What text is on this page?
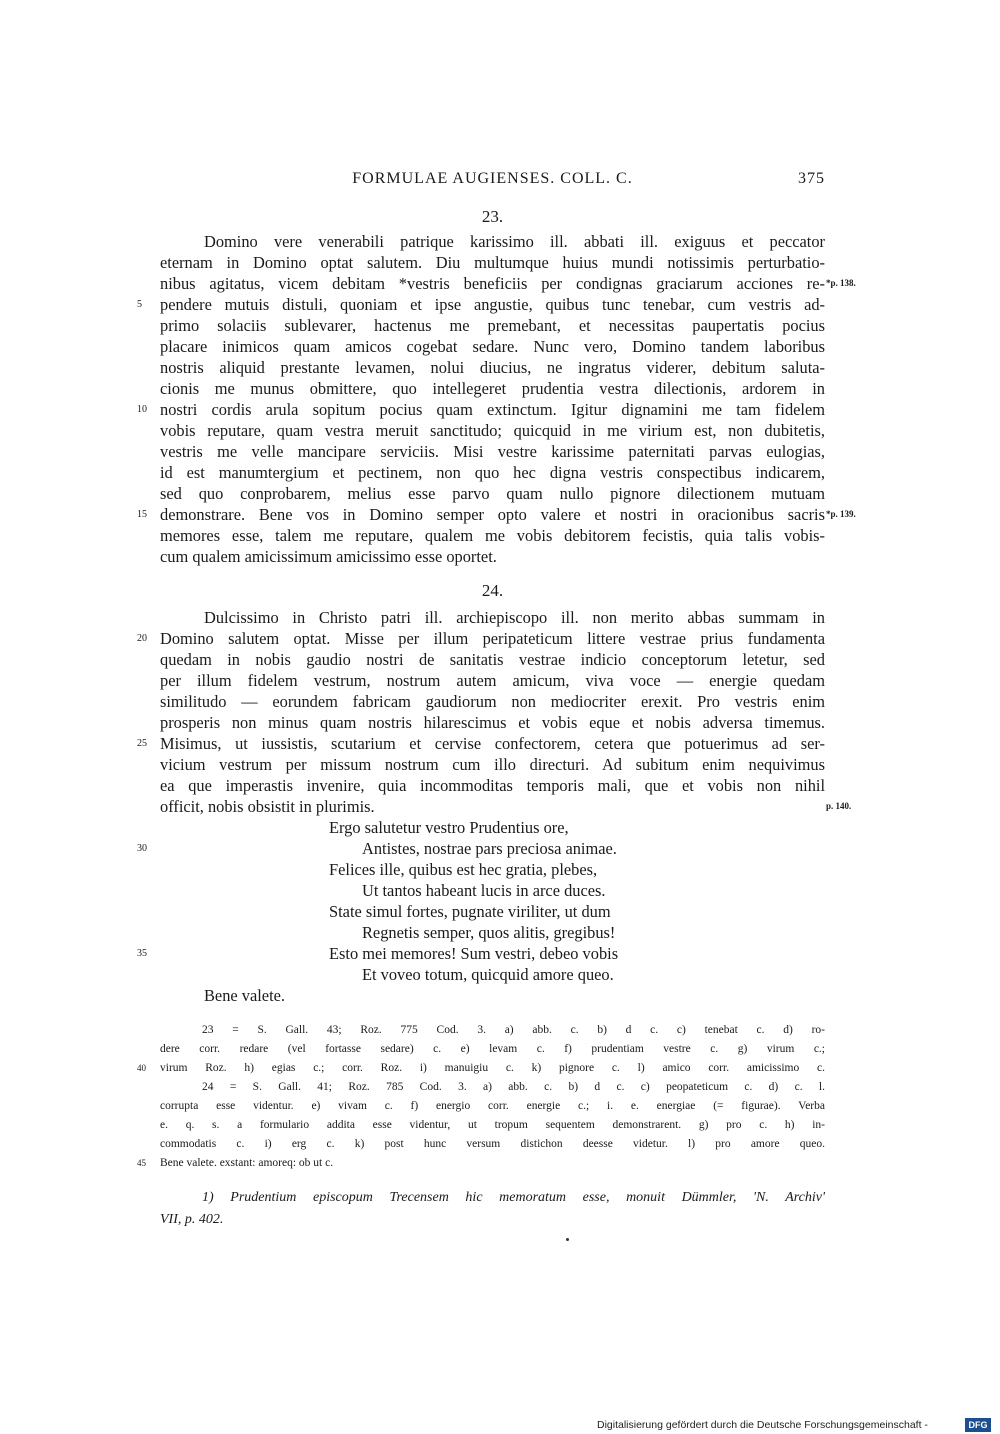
FORMULAE AUGIENSES. COLL. C.	375
23.
Domino vere venerabili patrique karissimo ill. abbati ill. exiguus et peccator
eternam in Domino optat salutem. Diu multumque huius mundi notissimis perturbatio-
nibus agitatus, vicem debitam *vestris beneficiis per condignas graciarum acciones re-
pendere mutuis distuli, quoniam et ipse angustie, quibus tunc tenebar, cum vestris ad-
primo solaciis sublevarer, hactenus me premebant, et necessitas paupertatis pocius
placare inimicos quam amicos cogebat sedare. Nunc vero, Domino tandem laboribus
nostris aliquid prestante levamen, nolui diucius, ne ingratus viderer, debitum saluta-
cionis me munus obmittere, quo intellegeret prudentia vestra dilectionis, ardorem in
nostri cordis arula sopitum pocius quam extinctum. Igitur dignamini me tam fidelem
vobis reputare, quam vestra meruit sanctitudo; quicquid in me virium est, non dubitetis,
vestris me velle mancipare serviciis. Misi vestre karissime paternitati parvas eulogias,
id est manumtergium et pectinem, non quo hec digna vestris conspectibus indicarem,
sed quo conprobarem, melius esse parvo quam nullo pignore dilectionem mutuam
demonstrare. Bene vos in Domino semper opto valere et nostri in oracionibus sacris
memores esse, talem me reputare, qualem me vobis debitorem fecistis, quia talis vobis-
cum qualem amicissimum amicissimo esse oportet.
5
10
15
*p. 138.
*p. 139.
24.
Dulcissimo in Christo patri ill. archiepiscopo ill. non merito abbas summam in
Domino salutem optat. Misse per illum peripateticum littere vestrae prius fundamenta
quedam in nobis gaudio nostri de sanitatis vestrae indicio conceptorum letetur, sed
per illum fidelem vestrum, nostrum autem amicum, viva voce — energie quedam
similitudo — eorundem fabricam gaudiorum non mediocriter erexit. Pro vestris enim
prosperis non minus quam nostris hilarescimus et vobis eque et nobis adversa timemus.
Misimus, ut iussistis, scutarium et cervise confectorem, cetera que potuerimus ad ser-
vicium vestrum per missum nostrum cum illo directuri. Ad subitum enim nequivimus
ea que imperastis invenire, quia incommoditas temporis mali, que et vobis non nihil
officit, nobis obsistit in plurimis.
20
25
p. 140.
Ergo salutetur vestro Prudentius ore,
Antistes, nostrae pars preciosa animae.
Felices ille, quibus est hec gratia, plebes,
Ut tantos habeant lucis in arce duces.
State simul fortes, pugnate viriliter, ut dum
Regnetis semper, quos alitis, gregibus!
Esto mei memores! Sum vestri, debeo vobis
Et voveo totum, quicquid amore queo.
30
35
Bene valete.
23 = S. Gall. 43; Roz. 775 Cod. 3. a) abb. c. b) d c. c) tenebat c. d) ro-
dere corr. redare (vel fortasse sedare) c. e) levam c. f) prudentiam vestre c. g) virum c.;
virum Roz. h) egias c.; corr. Roz. i) manuigiu c. k) pignore c. l) amico corr. amicissimo c.
24 = S. Gall. 41; Roz. 785 Cod. 3. a) abb. c. b) d c. c) peopateticum c. d) c. l.
corrupta esse videntur. e) vivam c. f) energio corr. energie c.; i. e. energiae (= figurae). Verba
e. q. s. a formulario addita esse videntur, ut tropum sequentem demonstrarent. g) pro c. h) in-
commodatis c. i) erg c. k) post hunc versum distichon deesse videtur. l) pro amore queo.
Bene valete. exstant: amoreq: ob ut c.
40
45
1) Prudentium episcopum Trecensem hic memoratum esse, monuit Dümmler, 'N. Archiv'
VII, p. 402.
Digitalisierung gefördert durch die Deutsche Forschungsgemeinschaft -	DFG
